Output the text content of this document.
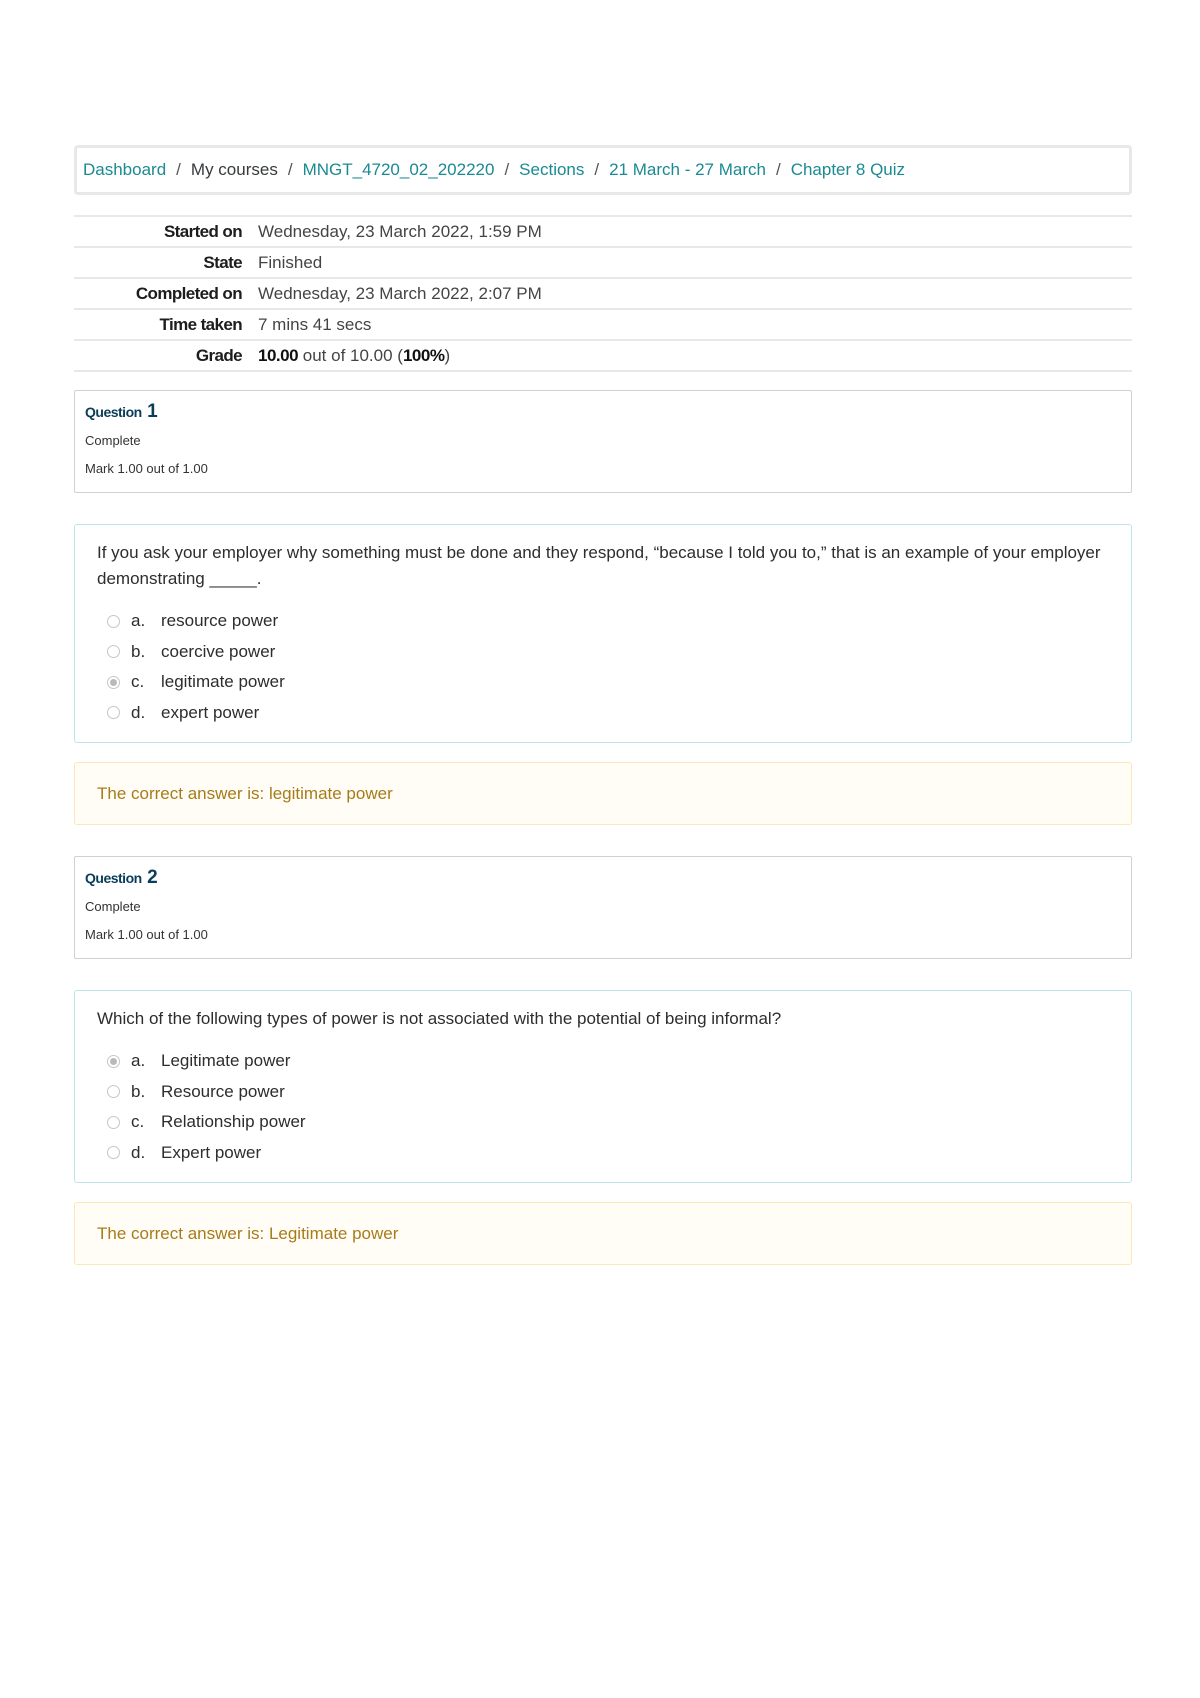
Dashboard / My courses / MNGT_4720_02_202220 / Sections / 21 March - 27 March / Chapter 8 Quiz
Started on Wednesday, 23 March 2022, 1:59 PM
State Finished
Completed on Wednesday, 23 March 2022, 2:07 PM
Time taken 7 mins 41 secs
Grade 10.00 out of 10.00 (100%)
Question 1
Complete
Mark 1.00 out of 1.00
If you ask your employer why something must be done and they respond, “because I told you to,” that is an example of your employer demonstrating _____.
a. resource power
b. coercive power
c. legitimate power
d. expert power
The correct answer is: legitimate power
Question 2
Complete
Mark 1.00 out of 1.00
Which of the following types of power is not associated with the potential of being informal?
a. Legitimate power
b. Resource power
c. Relationship power
d. Expert power
The correct answer is: Legitimate power
